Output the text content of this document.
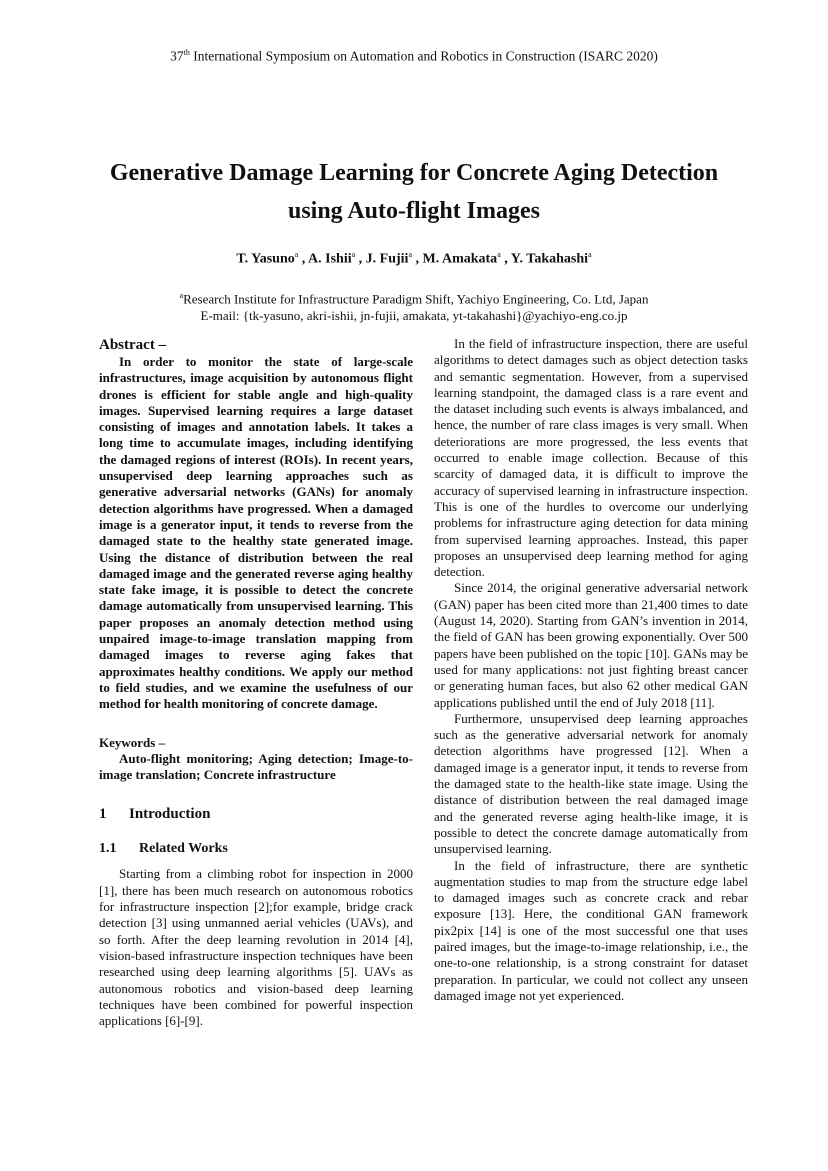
37th International Symposium on Automation and Robotics in Construction (ISARC 2020)
Generative Damage Learning for Concrete Aging Detection
using Auto-flight Images
T. Yasuno$^a$ , A. Ishii$^a$ , J. Fujii$^a$ , M. Amakata$^a$ , Y. Takahashi$^a$
$^a$Research Institute for Infrastructure Paradigm Shift, Yachiyo Engineering, Co. Ltd, Japan
E-mail: {tk-yasuno, akri-ishii, jn-fujii, amakata, yt-takahashi}@yachiyo-eng.co.jp
Abstract –

In order to monitor the state of large-scale infrastructures, image acquisition by autonomous flight drones is efficient for stable angle and high-quality images. Supervised learning requires a large dataset consisting of images and annotation labels. It takes a long time to accumulate images, including identifying the damaged regions of interest (ROIs). In recent years, unsupervised deep learning approaches such as generative adversarial networks (GANs) for anomaly detection algorithms have progressed. When a damaged image is a generator input, it tends to reverse from the damaged state to the healthy state generated image. Using the distance of distribution between the real damaged image and the generated reverse aging healthy state fake image, it is possible to detect the concrete damage automatically from unsupervised learning. This paper proposes an anomaly detection method using unpaired image-to-image translation mapping from damaged images to reverse aging fakes that approximates healthy conditions. We apply our method to field studies, and we examine the usefulness of our method for health monitoring of concrete damage.

Keywords –

Auto-flight monitoring; Aging detection; Image-to-image translation; Concrete infrastructure

1 Introduction
1.1 Related Works

Starting from a climbing robot for inspection in 2000 [1], there has been much research on autonomous robotics for infrastructure inspection [2];for example, bridge crack detection [3] using unmanned aerial vehicles (UAVs), and so forth. After the deep learning revolution in 2014 [4], vision-based infrastructure inspection techniques have been researched using deep learning algorithms [5]. UAVs as autonomous robotics and vision-based deep learning techniques have been combined for powerful inspection applications [6]-[9].

In the field of infrastructure inspection, there are useful algorithms to detect damages such as object detection tasks and semantic segmentation. However, from a supervised learning standpoint, the damaged class is a rare event and the dataset including such events is always imbalanced, and hence, the number of rare class images is very small. When deteriorations are more progressed, the less events that occurred to enable image collection. Because of this scarcity of damaged data, it is difficult to improve the accuracy of supervised learning in infrastructure inspection. This is one of the hurdles to overcome our underlying problems for infrastructure aging detection for data mining from supervised learning approaches. Instead, this paper proposes an unsupervised deep learning method for aging detection.

Since 2014, the original generative adversarial network (GAN) paper has been cited more than 21,400 times to date (August 14, 2020). Starting from GAN’s invention in 2014, the field of GAN has been growing exponentially. Over 500 papers have been published on the topic [10]. GANs may be used for many applications: not just fighting breast cancer or generating human faces, but also 62 other medical GAN applications published until the end of July 2018 [11].

Furthermore, unsupervised deep learning approaches such as the generative adversarial network for anomaly detection algorithms have progressed [12]. When a damaged image is a generator input, it tends to reverse from the damaged state to the health-like state image. Using the distance of distribution between the real damaged image and the generated reverse aging health-like image, it is possible to detect the concrete damage automatically from unsupervised learning.

In the field of infrastructure, there are synthetic augmentation studies to map from the structure edge label to damaged images such as concrete crack and rebar exposure [13]. Here, the conditional GAN framework pix2pix [14] is one of the most successful one that uses paired images, but the image-to-image relationship, i.e., the one-to-one relationship, is a strong constraint for dataset preparation. In particular, we could not collect any unseen damaged image not yet experienced.
